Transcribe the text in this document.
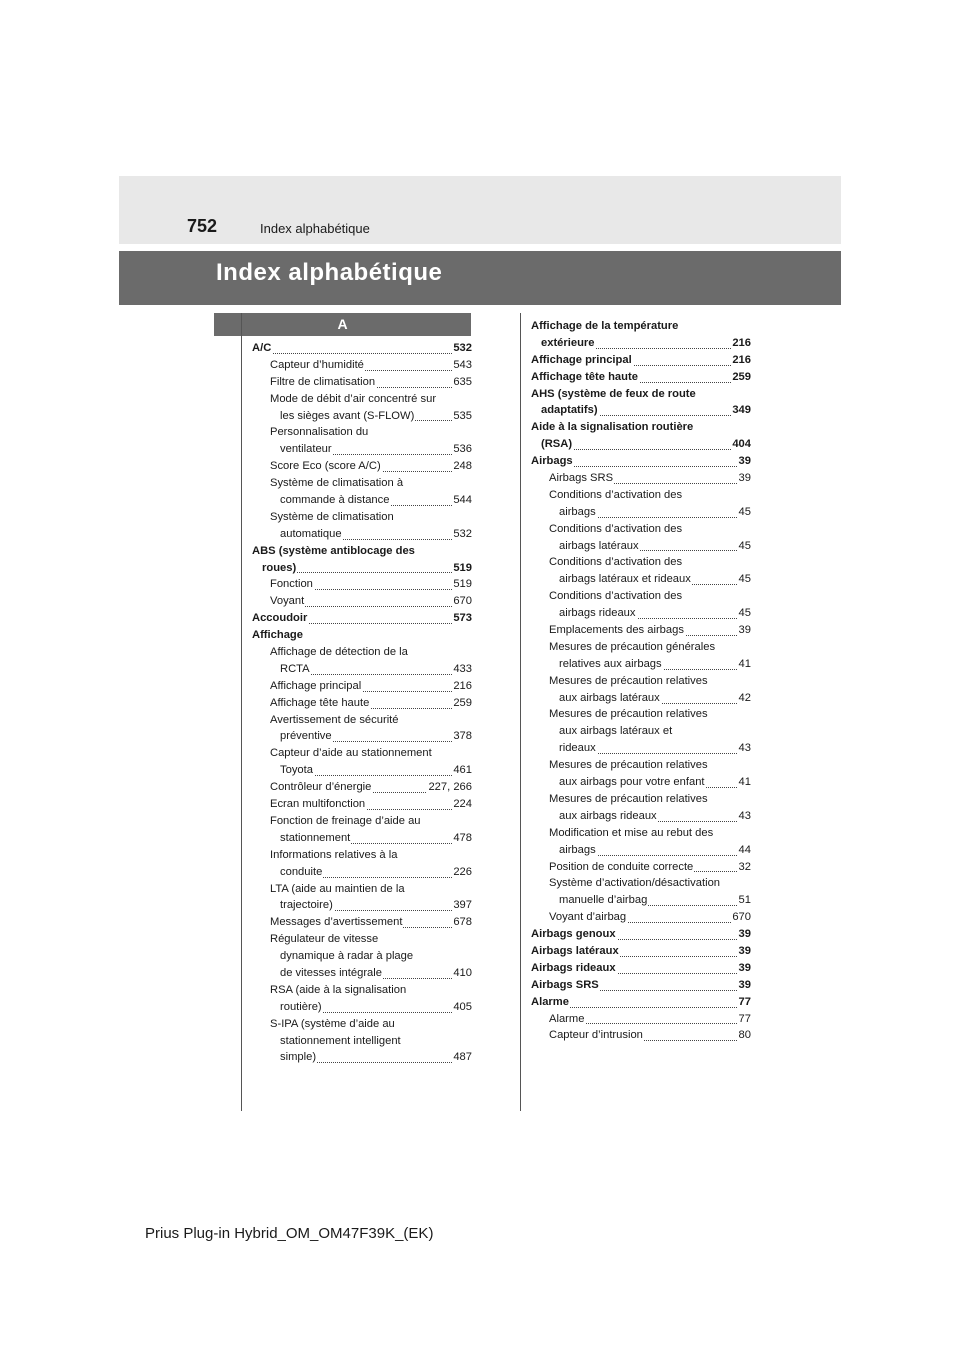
752	Index alphabétique
Index alphabétique
A
A/C	532
Capteur d’humidité	543
Filtre de climatisation	635
Mode de débit d’air concentré sur
les sièges avant (S-FLOW)	535
Personnalisation du
ventilateur	536
Score Eco (score A/C)	248
Système de climatisation à
commande à distance	544
Système de climatisation
automatique	532
ABS (système antiblocage des
roues)	519
Fonction	519
Voyant	670
Accoudoir	573
Affichage
Affichage de détection de la
RCTA	433
Affichage principal	216
Affichage tête haute	259
Avertissement de sécurité
préventive	378
Capteur d’aide au stationnement
Toyota	461
Contrôleur d’énergie	227, 266
Ecran multifonction	224
Fonction de freinage d’aide au
stationnement	478
Informations relatives à la
conduite	226
LTA (aide au maintien de la
trajectoire)	397
Messages d’avertissement	678
Régulateur de vitesse
dynamique à radar à plage
de vitesses intégrale	410
RSA (aide à la signalisation
routière)	405
S-IPA (système d’aide au
stationnement intelligent
simple)	487
Affichage de la température
extérieure	216
Affichage principal	216
Affichage tête haute	259
AHS (système de feux de route
adaptatifs)	349
Aide à la signalisation routière
(RSA)	404
Airbags	39
Airbags SRS	39
Conditions d’activation des
airbags	45
Conditions d’activation des
airbags latéraux	45
Conditions d’activation des
airbags latéraux et rideaux	45
Conditions d’activation des
airbags rideaux	45
Emplacements des airbags	39
Mesures de précaution générales
relatives aux airbags	41
Mesures de précaution relatives
aux airbags latéraux	42
Mesures de précaution relatives
aux airbags latéraux et
rideaux	43
Mesures de précaution relatives
aux airbags pour votre enfant	41
Mesures de précaution relatives
aux airbags rideaux	43
Modification et mise au rebut des
airbags	44
Position de conduite correcte	32
Système d’activation/désactivation
manuelle d’airbag	51
Voyant d’airbag	670
Airbags genoux	39
Airbags latéraux	39
Airbags rideaux	39
Airbags SRS	39
Alarme	77
Alarme	77
Capteur d’intrusion	80
Prius Plug-in Hybrid_OM_OM47F39K_(EK)
